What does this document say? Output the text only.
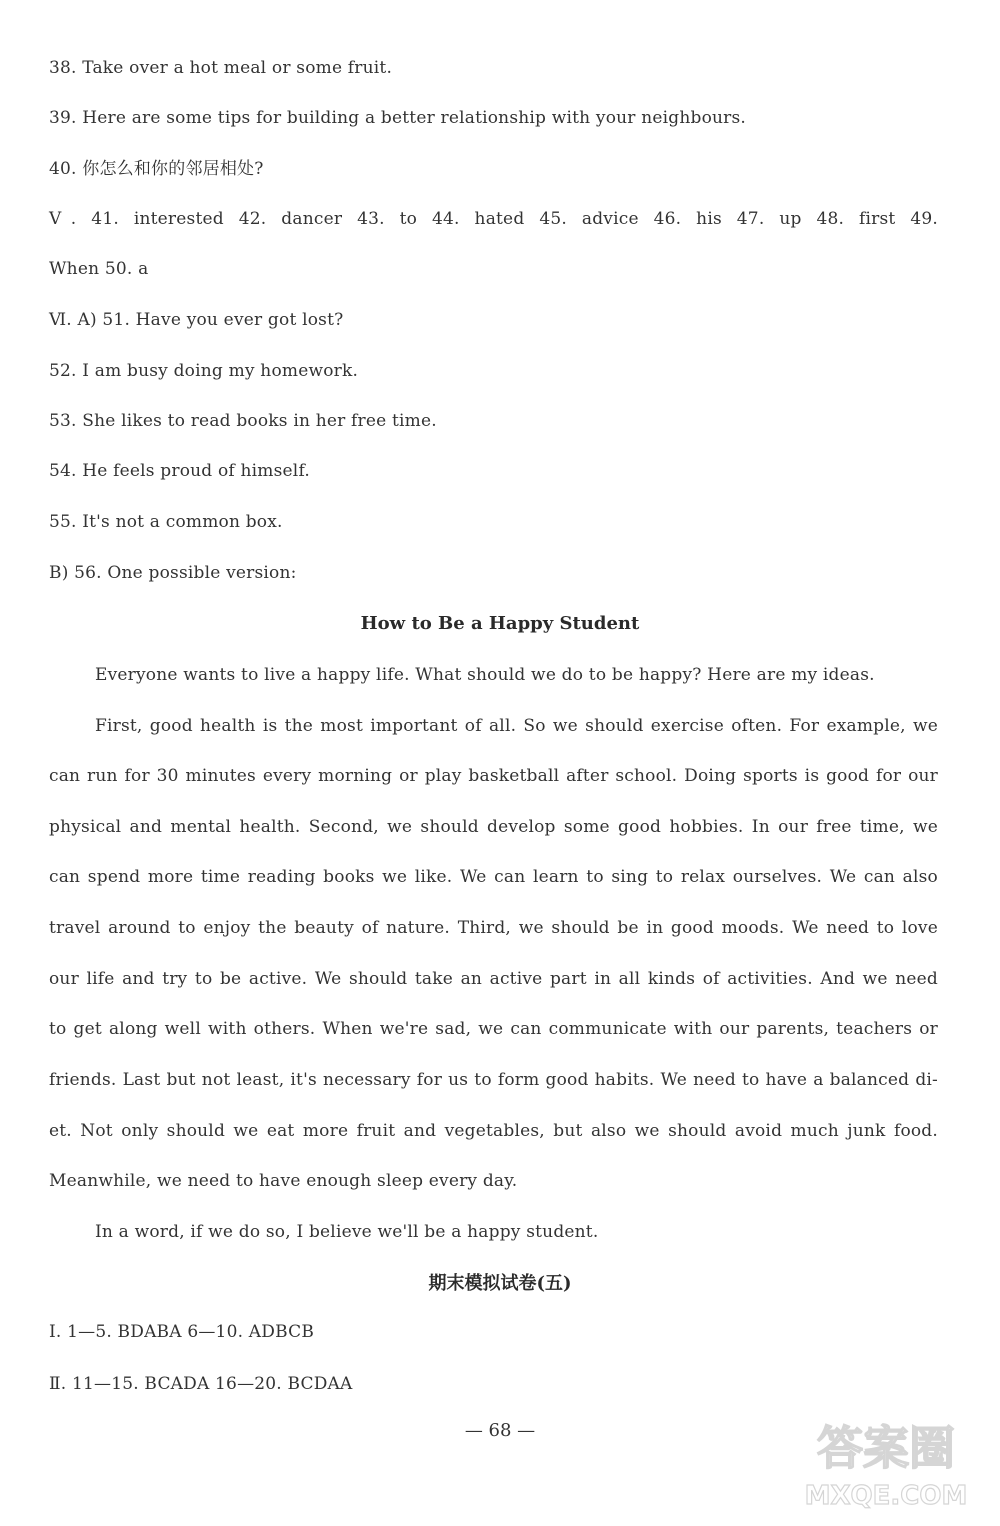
38. Take over a hot meal or some fruit.
39. Here are some tips for building a better relationship with your neighbours.
40. 你怎么和你的邻居相处?
Ⅴ. 41. interested 42. dancer 43. to 44. hated 45. advice 46. his 47. up 48. first 49.
When 50. a
Ⅵ. A) 51. Have you ever got lost?
52. I am busy doing my homework.
53. She likes to read books in her free time.
54. He feels proud of himself.
55. It's not a common box.
B) 56. One possible version:
How to Be a Happy Student
Everyone wants to live a happy life. What should we do to be happy? Here are my ideas.
First, good health is the most important of all. So we should exercise often. For example, we
can run for 30 minutes every morning or play basketball after school. Doing sports is good for our
physical and mental health. Second, we should develop some good hobbies. In our free time, we
can spend more time reading books we like. We can learn to sing to relax ourselves. We can also
travel around to enjoy the beauty of nature. Third, we should be in good moods. We need to love
our life and try to be active. We should take an active part in all kinds of activities. And we need
to get along well with others. When we're sad, we can communicate with our parents, teachers or
friends. Last but not least, it's necessary for us to form good habits. We need to have a balanced di-
et. Not only should we eat more fruit and vegetables, but also we should avoid much junk food.
Meanwhile, we need to have enough sleep every day.
In a word, if we do so, I believe we'll be a happy student.
期末模拟试卷(五)
Ⅰ. 1—5. BDABA 6—10. ADBCB
Ⅱ. 11—15. BCADA 16—20. BCDAA
— 68 —	答案圈
MXQE.COM
